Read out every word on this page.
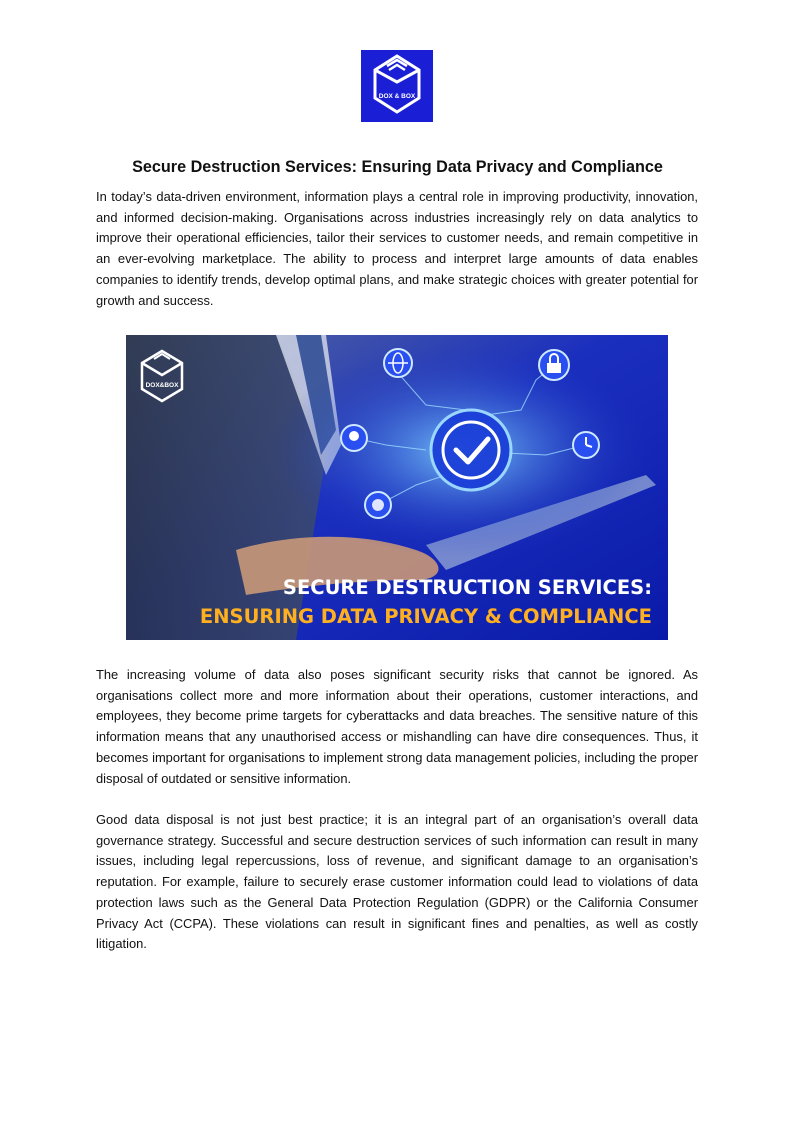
DOX & BOX
Secure Destruction Services: Ensuring Data Privacy and Compliance

In today’s data-driven environment, information plays a central role in improving productivity, innovation, and informed decision-making. Organisations across industries increasingly rely on data analytics to improve their operational efficiencies, tailor their services to customer needs, and remain competitive in an ever-evolving marketplace. The ability to process and interpret large amounts of data enables companies to identify trends, develop optimal plans, and make strategic choices with greater potential for growth and success.

DOX&BOX
SECURE DESTRUCTION SERVICES:
ENSURING DATA PRIVACY & COMPLIANCE

The increasing volume of data also poses significant security risks that cannot be ignored. As organisations collect more and more information about their operations, customer interactions, and employees, they become prime targets for cyberattacks and data breaches. The sensitive nature of this information means that any unauthorised access or mishandling can have dire consequences. Thus, it becomes important for organisations to implement strong data management policies, including the proper disposal of outdated or sensitive information.

Good data disposal is not just best practice; it is an integral part of an organisation’s overall data governance strategy. Successful and secure destruction services of such information can result in many issues, including legal repercussions, loss of revenue, and significant damage to an organisation’s reputation. For example, failure to securely erase customer information could lead to violations of data protection laws such as the General Data Protection Regulation (GDPR) or the California Consumer Privacy Act (CCPA). These violations can result in significant fines and penalties, as well as costly litigation.
